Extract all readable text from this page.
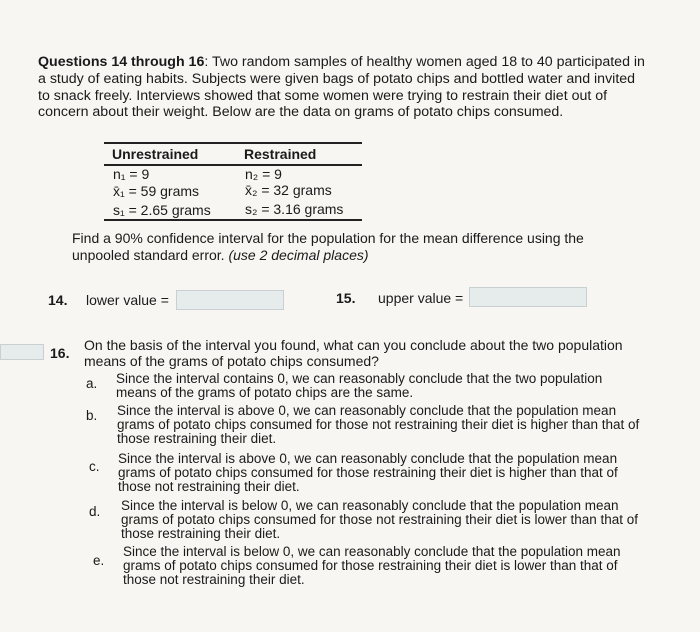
Questions 14 through 16: Two random samples of healthy women aged 18 to 40 participated in a study of eating habits. Subjects were given bags of potato chips and bottled water and invited to snack freely. Interviews showed that some women were trying to restrain their diet out of concern about their weight. Below are the data on grams of potato chips consumed.
Unrestrained	Restrained
n₁ = 9
x̄₁ = 59 grams
s₁ = 2.65 grams
n₂ = 9
x̄₂ = 32 grams
s₂ = 3.16 grams
Find a 90% confidence interval for the population for the mean difference using the unpooled standard error. (use 2 decimal places)
14. lower value =	15. upper value =
16. On the basis of the interval you found, what can you conclude about the two population means of the grams of potato chips consumed?
a. Since the interval contains 0, we can reasonably conclude that the two population means of the grams of potato chips are the same.
b. Since the interval is above 0, we can reasonably conclude that the population mean grams of potato chips consumed for those not restraining their diet is higher than that of those restraining their diet.
c.
Since the interval is above 0, we can reasonably conclude that the population mean grams of potato chips consumed for those restraining their diet is higher than that of those not restraining their diet.
d. Since the interval is below 0, we can reasonably conclude that the population mean grams of potato chips consumed for those not restraining their diet is lower than that of those restraining their diet.
e.
Since the interval is below 0, we can reasonably conclude that the population mean grams of potato chips consumed for those restraining their diet is lower than that of those not restraining their diet.
